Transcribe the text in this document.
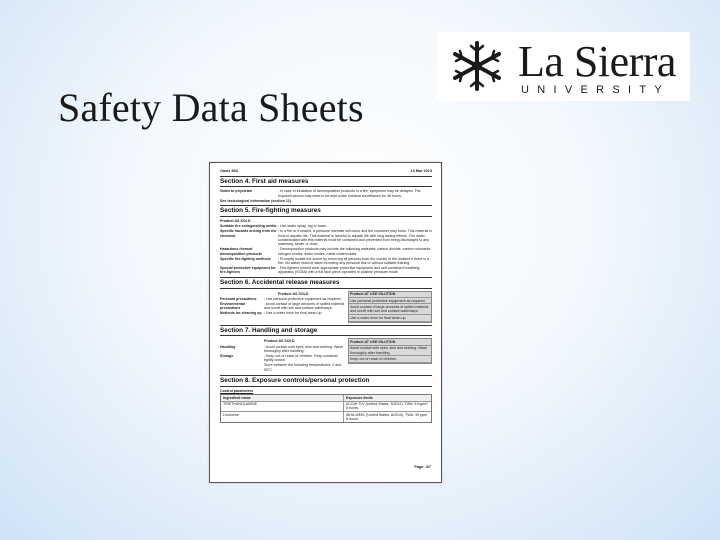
Safety Data Sheets
La Sierra
UNIVERSITY
Oasis 568	13 Mar 2013
Section 4. First aid measures
Notes to physician	: In case of inhalation of decomposition products in a fire, symptoms may be delayed. The exposed person may need to be kept under medical surveillance for 48 hours.
See toxicological information (section 11)
Section 5. Fire-fighting measures
Product AS SOLD
Suitable fire extinguishing media : Use water spray, fog or foam.
Specific hazards arising from the chemical
: In a fire or if heated, a pressure increase will occur and the container may burst. This material is toxic to aquatic life. This material is harmful to aquatic life with long lasting effects. Fire water contaminated with this material must be contained and prevented from being discharged to any waterway, sewer or drain.
Hazardous thermal decomposition products
: Decomposition products may include the following materials: carbon dioxide, carbon monoxide, nitrogen oxides, sulfur oxides, metal oxide/oxides
Specific fire-fighting methods	: Promptly isolate the scene by removing all persons from the vicinity of the incident if there is a fire. No action shall be taken involving any personal risk or without suitable training.
Special protective equipment for fire-fighters
: Fire-fighters should wear appropriate protective equipment and self-contained breathing apparatus (SCBA) with a full face-piece operated in positive pressure mode.
Section 6. Accidental release measures
Product AS SOLD
Personal precautions	: Use personal protective equipment as required.
Environmental precautions
: Avoid contact of large amounts of spilled material and runoff with soil and surface waterways.
Methods for cleaning up : Use a water rinse for final clean-up.
Product AT USE DILUTION
Use personal protective equipment as required.
Avoid contact of large amounts of spilled material and runoff with soil and surface waterways.
Use a water rinse for final clean-up.
Section 7. Handling and storage
Product AS SOLD
Handling	: Avoid contact with eyes, skin and clothing. Wash thoroughly after handling.
Storage	: Keep out of reach of children. Keep container tightly closed.
Store between the following temperatures: 0 and 50°C
Product AT USE DILUTION
Avoid contact with eyes, skin and clothing. Wash thoroughly after handling.
Keep out of reach of children.
Section 8. Exposure controls/personal protection
Control parameters
Ingredient name	Exposure limits
TRIETHANOLAMINE	ACGIH TLV (United States, 3/2012). TWA: 5 mg/m³ 8 hours.
Limonene	AIHA WEEL (United States, 8/2010). TWA: 30 ppm 8 hours.
Page: 3/7
